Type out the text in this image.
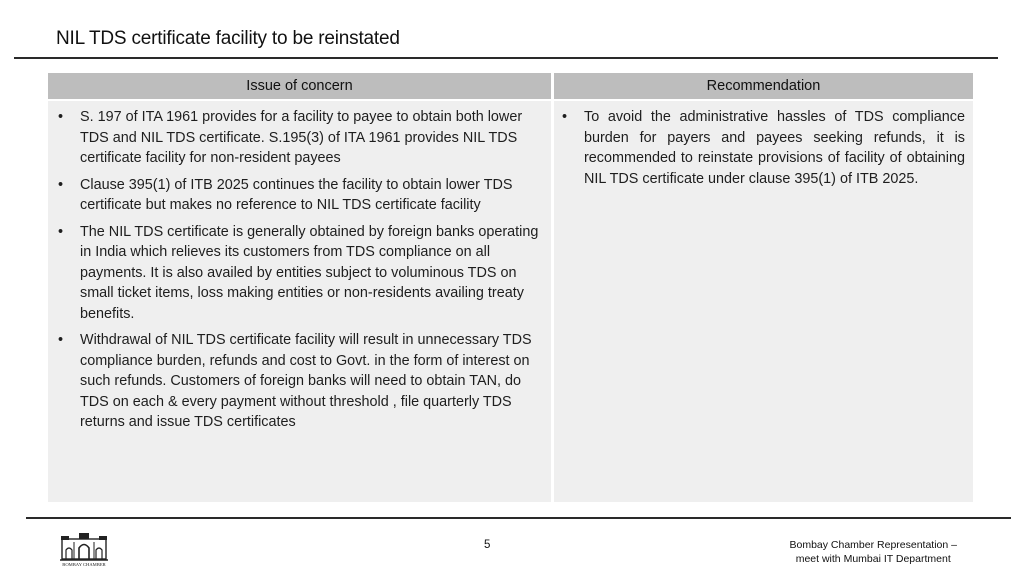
NIL TDS certificate facility to be reinstated
Issue of concern	Recommendation
• S. 197 of ITA 1961 provides for a facility to payee to obtain both lower TDS and NIL TDS certificate. S.195(3) of ITA 1961 provides NIL TDS certificate facility for non-resident payees
• Clause 395(1) of ITB 2025 continues the facility to obtain lower TDS certificate but makes no reference to NIL TDS certificate facility
• The NIL TDS certificate is generally obtained by foreign banks operating in India which relieves its customers from TDS compliance on all payments. It is also availed by entities subject to voluminous TDS on small ticket items, loss making entities or non-residents availing treaty benefits.
• Withdrawal of NIL TDS certificate facility will result in unnecessary TDS compliance burden, refunds and cost to Govt. in the form of interest on such refunds. Customers of foreign banks will need to obtain TAN, do TDS on each & every payment without threshold , file quarterly TDS returns and issue TDS certificates
• To avoid the administrative hassles of TDS compliance burden for payers and payees seeking refunds, it is recommended to reinstate provisions of facility of obtaining NIL TDS certificate under clause 395(1) of ITB 2025.
BOMBAY CHAMBER
5	Bombay Chamber Representation –
meet with Mumbai IT Department
